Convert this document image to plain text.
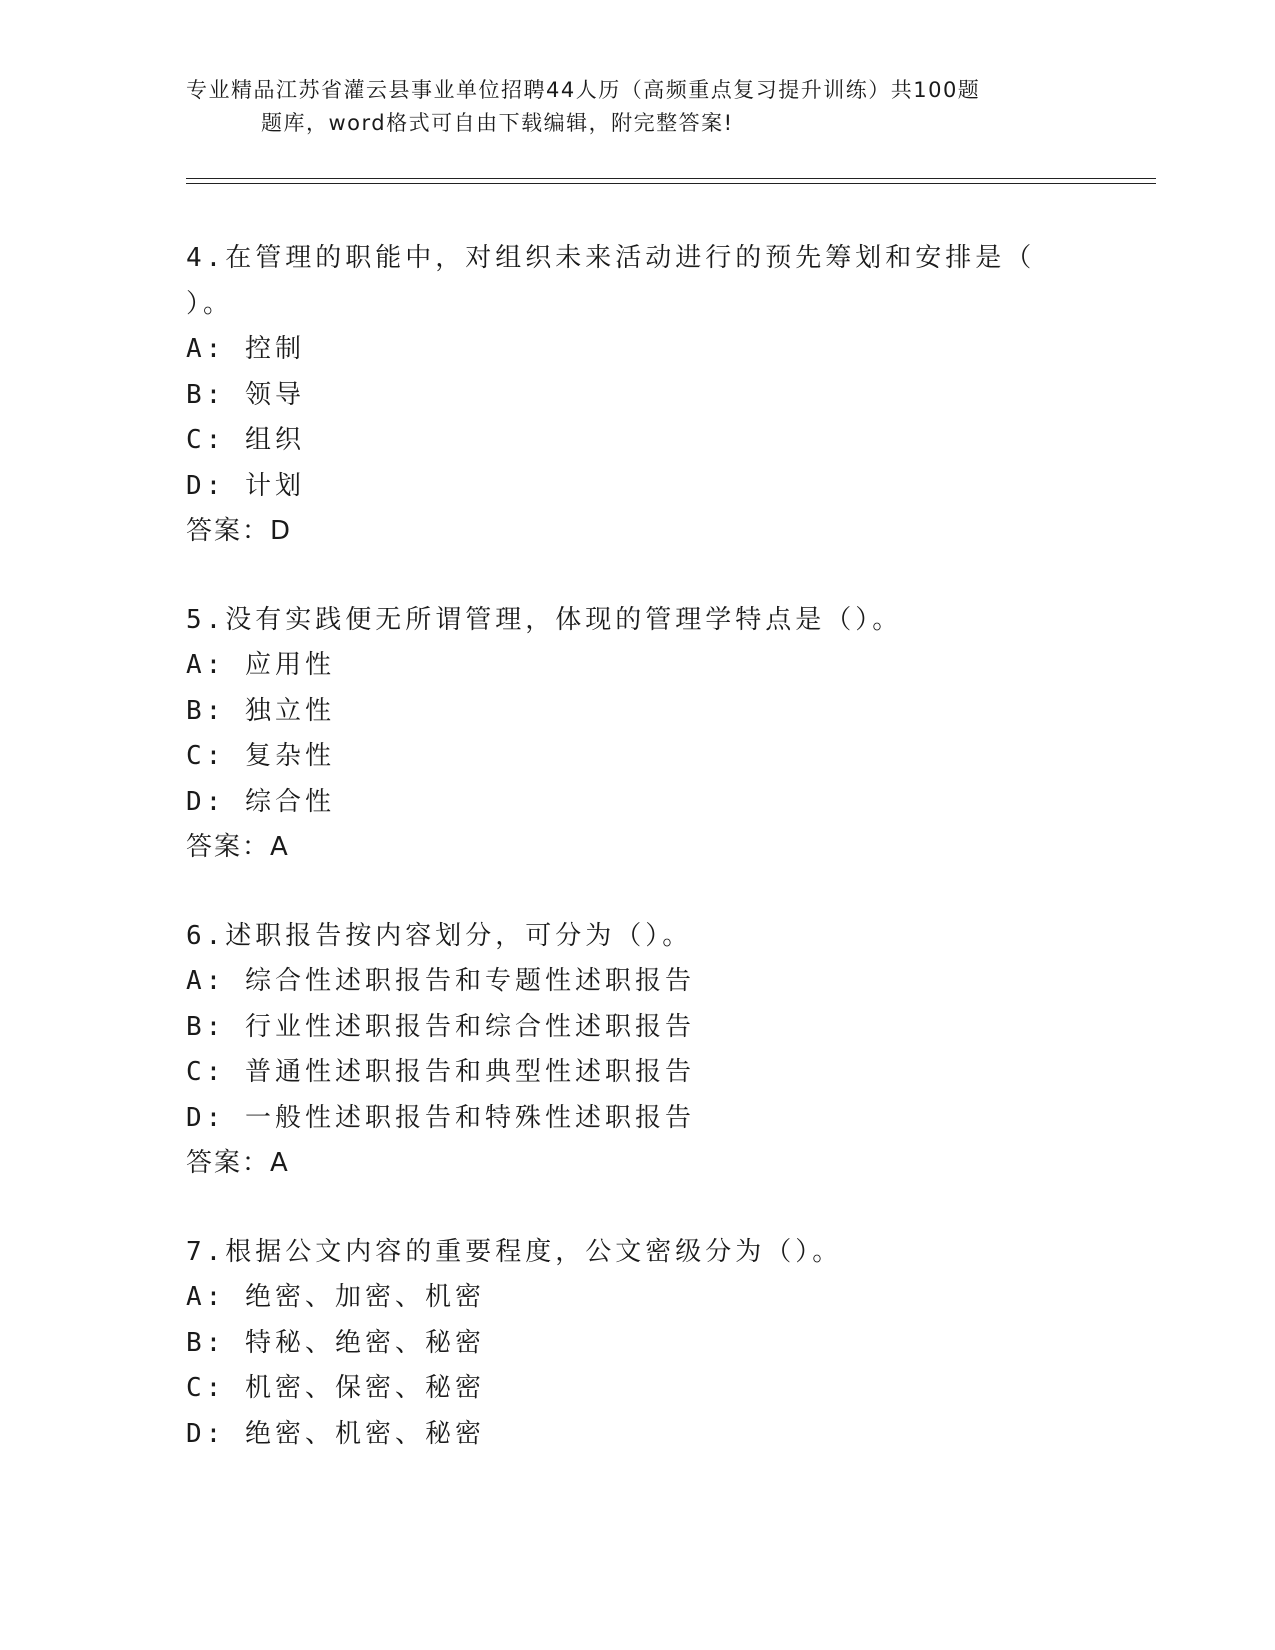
专业精品江苏省灌云县事业单位招聘44人历（高频重点复习提升训练）共100题
题库，word格式可自由下载编辑，附完整答案!
4.在管理的职能中，对组织未来活动进行的预先筹划和安排是（
）。
A: 控制
B: 领导
C: 组织
D: 计划
答案：D
5.没有实践便无所谓管理，体现的管理学特点是（）。
A: 应用性
B: 独立性
C: 复杂性
D: 综合性
答案：A
6.述职报告按内容划分，可分为（）。
A: 综合性述职报告和专题性述职报告
B: 行业性述职报告和综合性述职报告
C: 普通性述职报告和典型性述职报告
D: 一般性述职报告和特殊性述职报告
答案：A
7.根据公文内容的重要程度，公文密级分为（）。
A: 绝密、加密、机密
B: 特秘、绝密、秘密
C: 机密、保密、秘密
D: 绝密、机密、秘密
